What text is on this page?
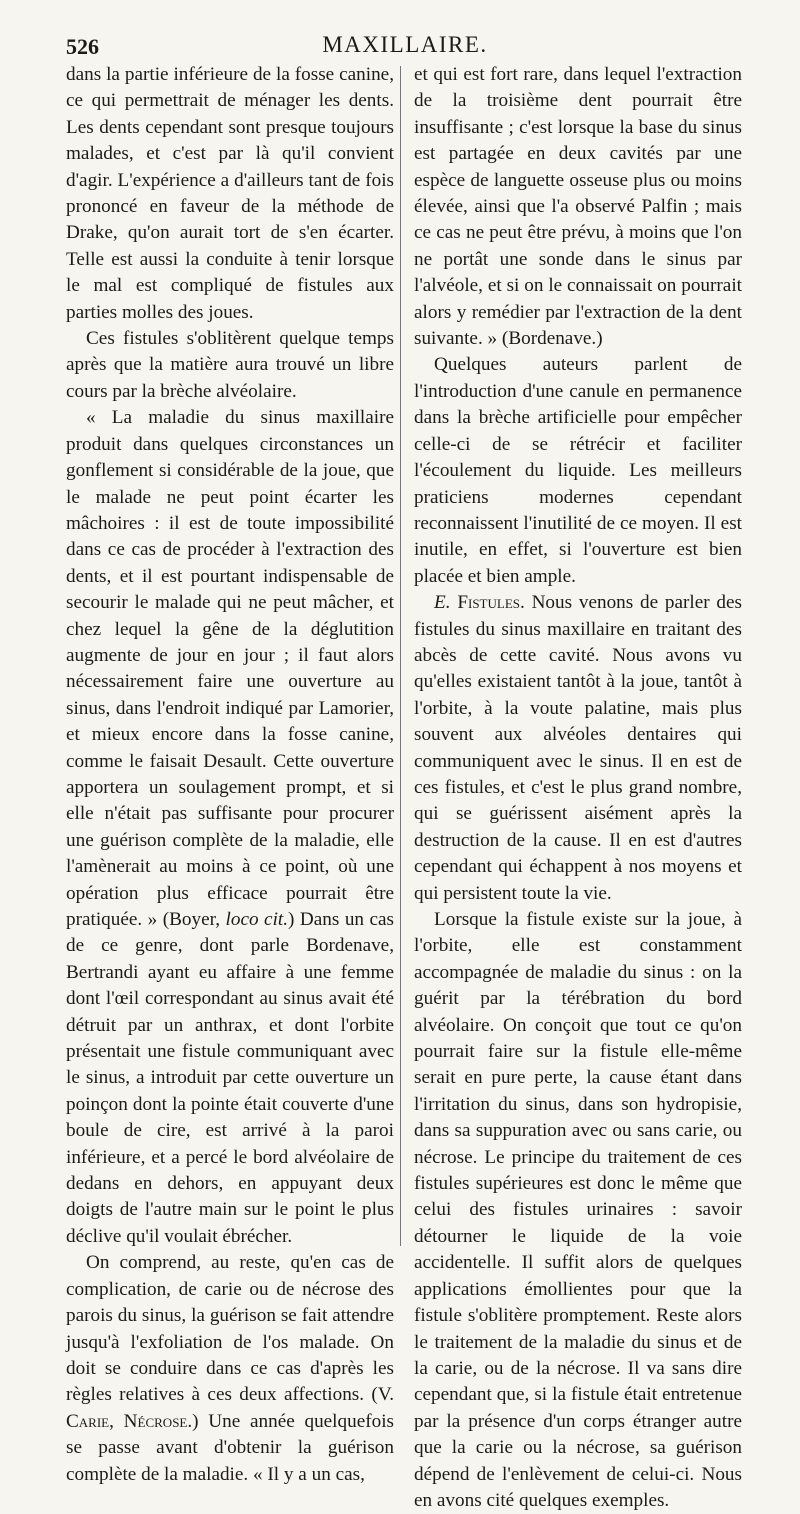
526	MAXILLAIRE.

dans la partie inférieure de la fosse canine, ce qui permettrait de ménager les dents. Les dents cependant sont presque toujours malades, et c'est par là qu'il convient d'agir. L'expérience a d'ailleurs tant de fois prononcé en faveur de la méthode de Drake, qu'on aurait tort de s'en écarter. Telle est aussi la conduite à tenir lorsque le mal est compliqué de fistules aux parties molles des joues.

Ces fistules s'oblitèrent quelque temps après que la matière aura trouvé un libre cours par la brèche alvéolaire.

« La maladie du sinus maxillaire produit dans quelques circonstances un gonflement si considérable de la joue, que le malade ne peut point écarter les mâchoires : il est de toute impossibilité dans ce cas de procéder à l'extraction des dents, et il est pourtant indispensable de secourir le malade qui ne peut mâcher, et chez lequel la gêne de la déglutition augmente de jour en jour ; il faut alors nécessairement faire une ouverture au sinus, dans l'endroit indiqué par Lamorier, et mieux encore dans la fosse canine, comme le faisait Desault. Cette ouverture apportera un soulagement prompt, et si elle n'était pas suffisante pour procurer une guérison complète de la maladie, elle l'amènerait au moins à ce point, où une opération plus efficace pourrait être pratiquée. » (Boyer, loco cit.) Dans un cas de ce genre, dont parle Bordenave, Bertrandi ayant eu affaire à une femme dont l'œil correspondant au sinus avait été détruit par un anthrax, et dont l'orbite présentait une fistule communiquant avec le sinus, a introduit par cette ouverture un poinçon dont la pointe était couverte d'une boule de cire, est arrivé à la paroi inférieure, et a percé le bord alvéolaire de dedans en dehors, en appuyant deux doigts de l'autre main sur le point le plus déclive qu'il voulait ébrécher.

On comprend, au reste, qu'en cas de complication, de carie ou de nécrose des parois du sinus, la guérison se fait attendre jusqu'à l'exfoliation de l'os malade. On doit se conduire dans ce cas d'après les règles relatives à ces deux affections. (V. Carie, Nécrose.) Une année quelquefois se passe avant d'obtenir la guérison complète de la maladie. « Il y a un cas,

et qui est fort rare, dans lequel l'extraction de la troisième dent pourrait être insuffisante ; c'est lorsque la base du sinus est partagée en deux cavités par une espèce de languette osseuse plus ou moins élevée, ainsi que l'a observé Palfin ; mais ce cas ne peut être prévu, à moins que l'on ne portât une sonde dans le sinus par l'alvéole, et si on le connaissait on pourrait alors y remédier par l'extraction de la dent suivante. » (Bordenave.)

Quelques auteurs parlent de l'introduction d'une canule en permanence dans la brèche artificielle pour empêcher celle-ci de se rétrécir et faciliter l'écoulement du liquide. Les meilleurs praticiens modernes cependant reconnaissent l'inutilité de ce moyen. Il est inutile, en effet, si l'ouverture est bien placée et bien ample.

E. Fistules. Nous venons de parler des fistules du sinus maxillaire en traitant des abcès de cette cavité. Nous avons vu qu'elles existaient tantôt à la joue, tantôt à l'orbite, à la voute palatine, mais plus souvent aux alvéoles dentaires qui communiquent avec le sinus. Il en est de ces fistules, et c'est le plus grand nombre, qui se guérissent aisément après la destruction de la cause. Il en est d'autres cependant qui échappent à nos moyens et qui persistent toute la vie.

Lorsque la fistule existe sur la joue, à l'orbite, elle est constamment accompagnée de maladie du sinus : on la guérit par la térébration du bord alvéolaire. On conçoit que tout ce qu'on pourrait faire sur la fistule elle-même serait en pure perte, la cause étant dans l'irritation du sinus, dans son hydropisie, dans sa suppuration avec ou sans carie, ou nécrose. Le principe du traitement de ces fistules supérieures est donc le même que celui des fistules urinaires : savoir détourner le liquide de la voie accidentelle. Il suffit alors de quelques applications émollientes pour que la fistule s'oblitère promptement. Reste alors le traitement de la maladie du sinus et de la carie, ou de la nécrose. Il va sans dire cependant que, si la fistule était entretenue par la présence d'un corps étranger autre que la carie ou la nécrose, sa guérison dépend de l'enlèvement de celui-ci. Nous en avons cité quelques exemples.
